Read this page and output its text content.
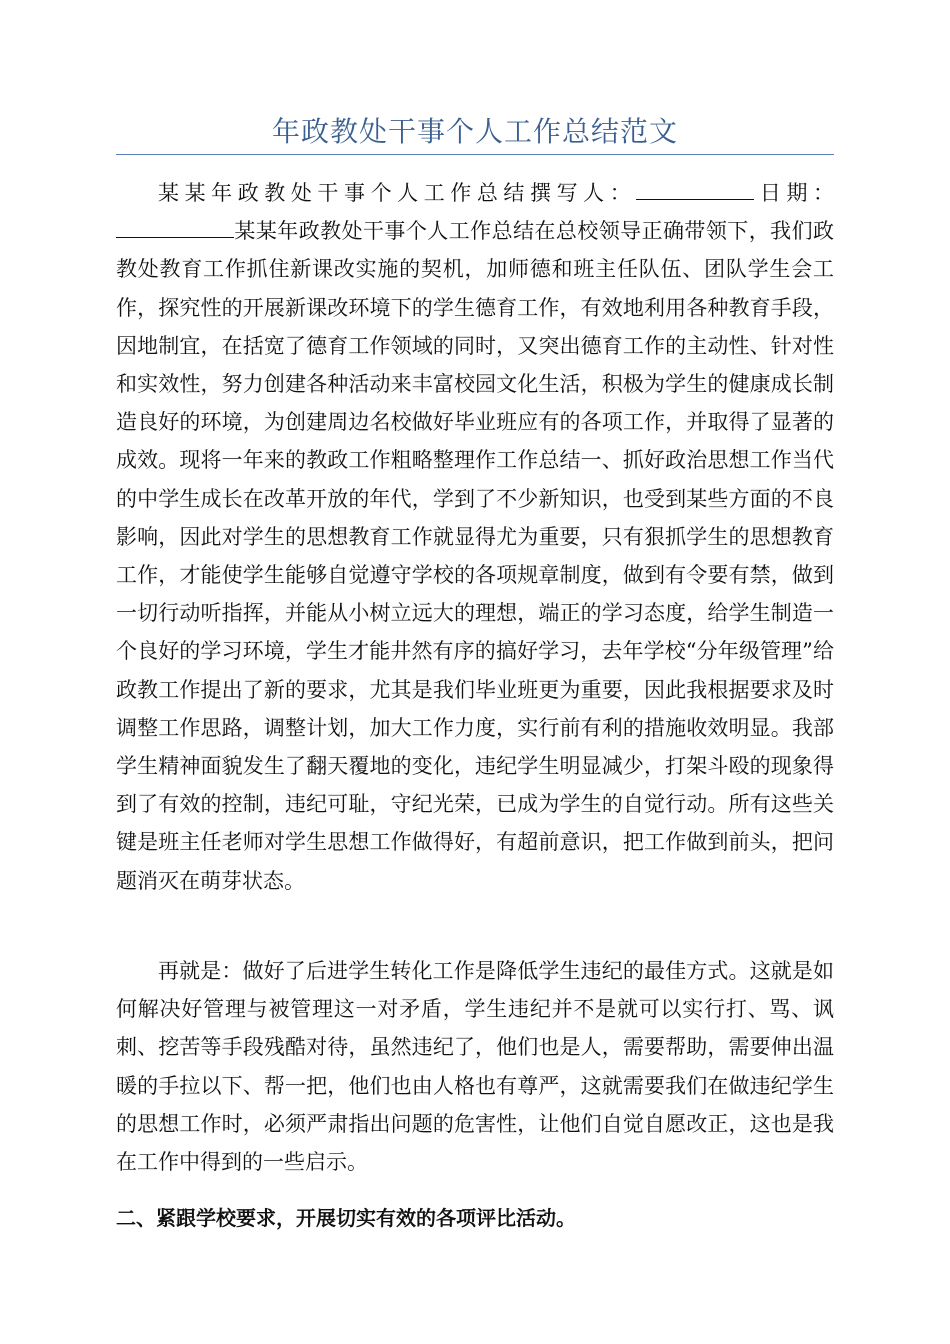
年政教处干事个人工作总结范文

某某年政教处干事个人工作总结撰写人：	日期：某某年政教处干事个人工作总结在总校领导正确带领下，我们政教处教育工作抓住新课改实施的契机，加师德和班主任队伍、团队学生会工作，探究性的开展新课改环境下的学生德育工作，有效地利用各种教育手段，因地制宜，在括宽了德育工作领域的同时，又突出德育工作的主动性、针对性和实效性，努力创建各种活动来丰富校园文化生活，积极为学生的健康成长制造良好的环境，为创建周边名校做好毕业班应有的各项工作，并取得了显著的成效。现将一年来的教政工作粗略整理作工作总结一、抓好政治思想工作当代的中学生成长在改革开放的年代，学到了不少新知识，也受到某些方面的不良影响，因此对学生的思想教育工作就显得尤为重要，只有狠抓学生的思想教育工作，才能使学生能够自觉遵守学校的各项规章制度，做到有令要有禁，做到一切行动听指挥，并能从小树立远大的理想，端正的学习态度，给学生制造一个良好的学习环境，学生才能井然有序的搞好学习，去年学校“分年级管理”给政教工作提出了新的要求，尤其是我们毕业班更为重要，因此我根据要求及时调整工作思路，调整计划，加大工作力度，实行前有利的措施收效明显。我部学生精神面貌发生了翻天覆地的变化，违纪学生明显减少，打架斗殴的现象得到了有效的控制，违纪可耻，守纪光荣，已成为学生的自觉行动。所有这些关键是班主任老师对学生思想工作做得好，有超前意识，把工作做到前头，把问题消灭在萌芽状态。

再就是：做好了后进学生转化工作是降低学生违纪的最佳方式。这就是如何解决好管理与被管理这一对矛盾，学生违纪并不是就可以实行打、骂、讽刺、挖苦等手段残酷对待，虽然违纪了，他们也是人，需要帮助，需要伸出温暖的手拉以下、帮一把，他们也由人格也有尊严，这就需要我们在做违纪学生的思想工作时，必须严肃指出问题的危害性，让他们自觉自愿改正，这也是我在工作中得到的一些启示。

二、紧跟学校要求，开展切实有效的各项评比活动。
